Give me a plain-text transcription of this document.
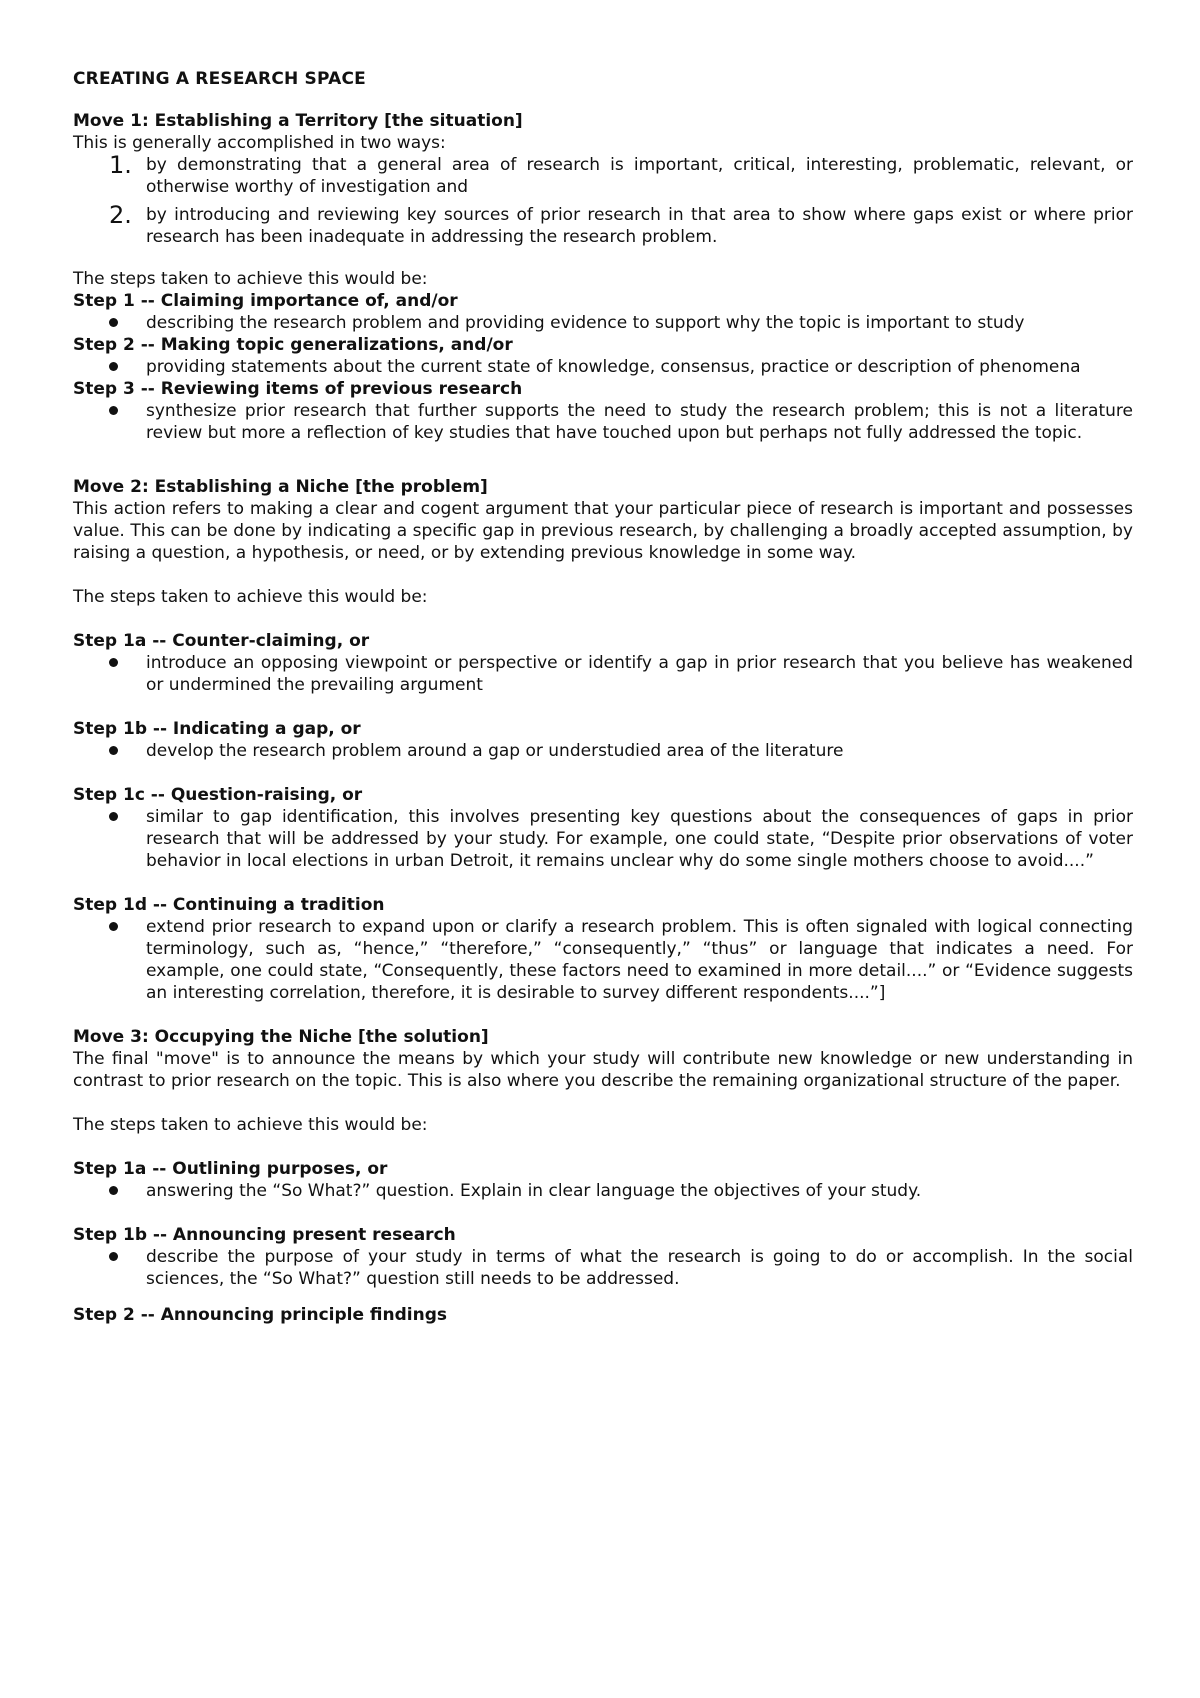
CREATING A RESEARCH SPACE
Move 1: Establishing a Territory [the situation]

This is generally accomplished in two ways:

1. by demonstrating that a general area of research is important, critical, interesting, problematic, relevant, or otherwise worthy of investigation and
2. by introducing and reviewing key sources of prior research in that area to show where gaps exist or where prior research has been inadequate in addressing the research problem.

The steps taken to achieve this would be:

Step 1 -- Claiming importance of, and/or
describing the research problem and providing evidence to support why the topic is important to study
Step 2 -- Making topic generalizations, and/or
providing statements about the current state of knowledge, consensus, practice or description of phenomena
Step 3 -- Reviewing items of previous research
synthesize prior research that further supports the need to study the research problem; this is not a literature review but more a reflection of key studies that have touched upon but perhaps not fully addressed the topic.
Move 2: Establishing a Niche [the problem]

This action refers to making a clear and cogent argument that your particular piece of research is important and possesses value. This can be done by indicating a specific gap in previous research, by challenging a broadly accepted assumption, by raising a question, a hypothesis, or need, or by extending previous knowledge in some way.

The steps taken to achieve this would be:

Step 1a -- Counter-claiming, or
introduce an opposing viewpoint or perspective or identify a gap in prior research that you believe has weakened or undermined the prevailing argument
Step 1b -- Indicating a gap, or
develop the research problem around a gap or understudied area of the literature
Step 1c -- Question-raising, or
similar to gap identification, this involves presenting key questions about the consequences of gaps in prior research that will be addressed by your study. For example, one could state, “Despite prior observations of voter behavior in local elections in urban Detroit, it remains unclear why do some single mothers choose to avoid....”
Step 1d -- Continuing a tradition
extend prior research to expand upon or clarify a research problem. This is often signaled with logical connecting terminology, such as, “hence,” “therefore,” “consequently,” “thus” or language that indicates a need. For example, one could state, “Consequently, these factors need to examined in more detail....” or “Evidence suggests an interesting correlation, therefore, it is desirable to survey different respondents....”]
Move 3: Occupying the Niche [the solution]

The final "move" is to announce the means by which your study will contribute new knowledge or new understanding in contrast to prior research on the topic. This is also where you describe the remaining organizational structure of the paper.

The steps taken to achieve this would be:

Step 1a -- Outlining purposes, or
answering the “So What?” question. Explain in clear language the objectives of your study.
Step 1b -- Announcing present research
describe the purpose of your study in terms of what the research is going to do or accomplish. In the social sciences, the “So What?” question still needs to be addressed.
Step 2 -- Announcing principle findings
